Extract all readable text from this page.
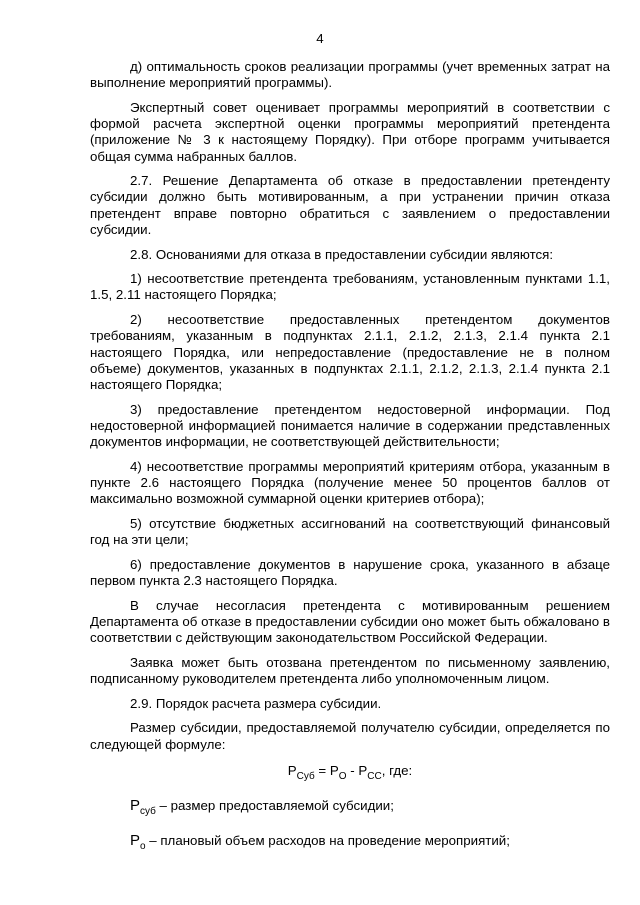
4

д) оптимальность сроков реализации программы (учет временных затрат на выполнение мероприятий программы).

Экспертный совет оценивает программы мероприятий в соответствии с формой расчета экспертной оценки программы мероприятий претендента (приложение № 3 к настоящему Порядку). При отборе программ учитывается общая сумма набранных баллов.

2.7. Решение Департамента об отказе в предоставлении претенденту субсидии должно быть мотивированным, а при устранении причин отказа претендент вправе повторно обратиться с заявлением о предоставлении субсидии.

2.8. Основаниями для отказа в предоставлении субсидии являются:

1) несоответствие претендента требованиям, установленным пунктами 1.1, 1.5, 2.11 настоящего Порядка;

2) несоответствие предоставленных претендентом документов требованиям, указанным в подпунктах 2.1.1, 2.1.2, 2.1.3, 2.1.4 пункта 2.1 настоящего Порядка, или непредоставление (предоставление не в полном объеме) документов, указанных в подпунктах 2.1.1, 2.1.2, 2.1.3, 2.1.4 пункта 2.1 настоящего Порядка;

3) предоставление претендентом недостоверной информации. Под недостоверной информацией понимается наличие в содержании представленных документов информации, не соответствующей действительности;

4) несоответствие программы мероприятий критериям отбора, указанным в пункте 2.6 настоящего Порядка (получение менее 50 процентов баллов от максимально возможной суммарной оценки критериев отбора);

5) отсутствие бюджетных ассигнований на соответствующий финансовый год на эти цели;

6) предоставление документов в нарушение срока, указанного в абзаце первом пункта 2.3 настоящего Порядка.

В случае несогласия претендента с мотивированным решением Департамента об отказе в предоставлении субсидии оно может быть обжаловано в соответствии с действующим законодательством Российской Федерации.

Заявка может быть отозвана претендентом по письменному заявлению, подписанному руководителем претендента либо уполномоченным лицом.

2.9. Порядок расчета размера субсидии.

Размер субсидии, предоставляемой получателю субсидии, определяется по следующей формуле:

$P_{Суб} = P_О - P_{СС}$, где:
$P_{суб}$ – размер предоставляемой субсидии;
$P_о$ – плановый объем расходов на проведение мероприятий;
